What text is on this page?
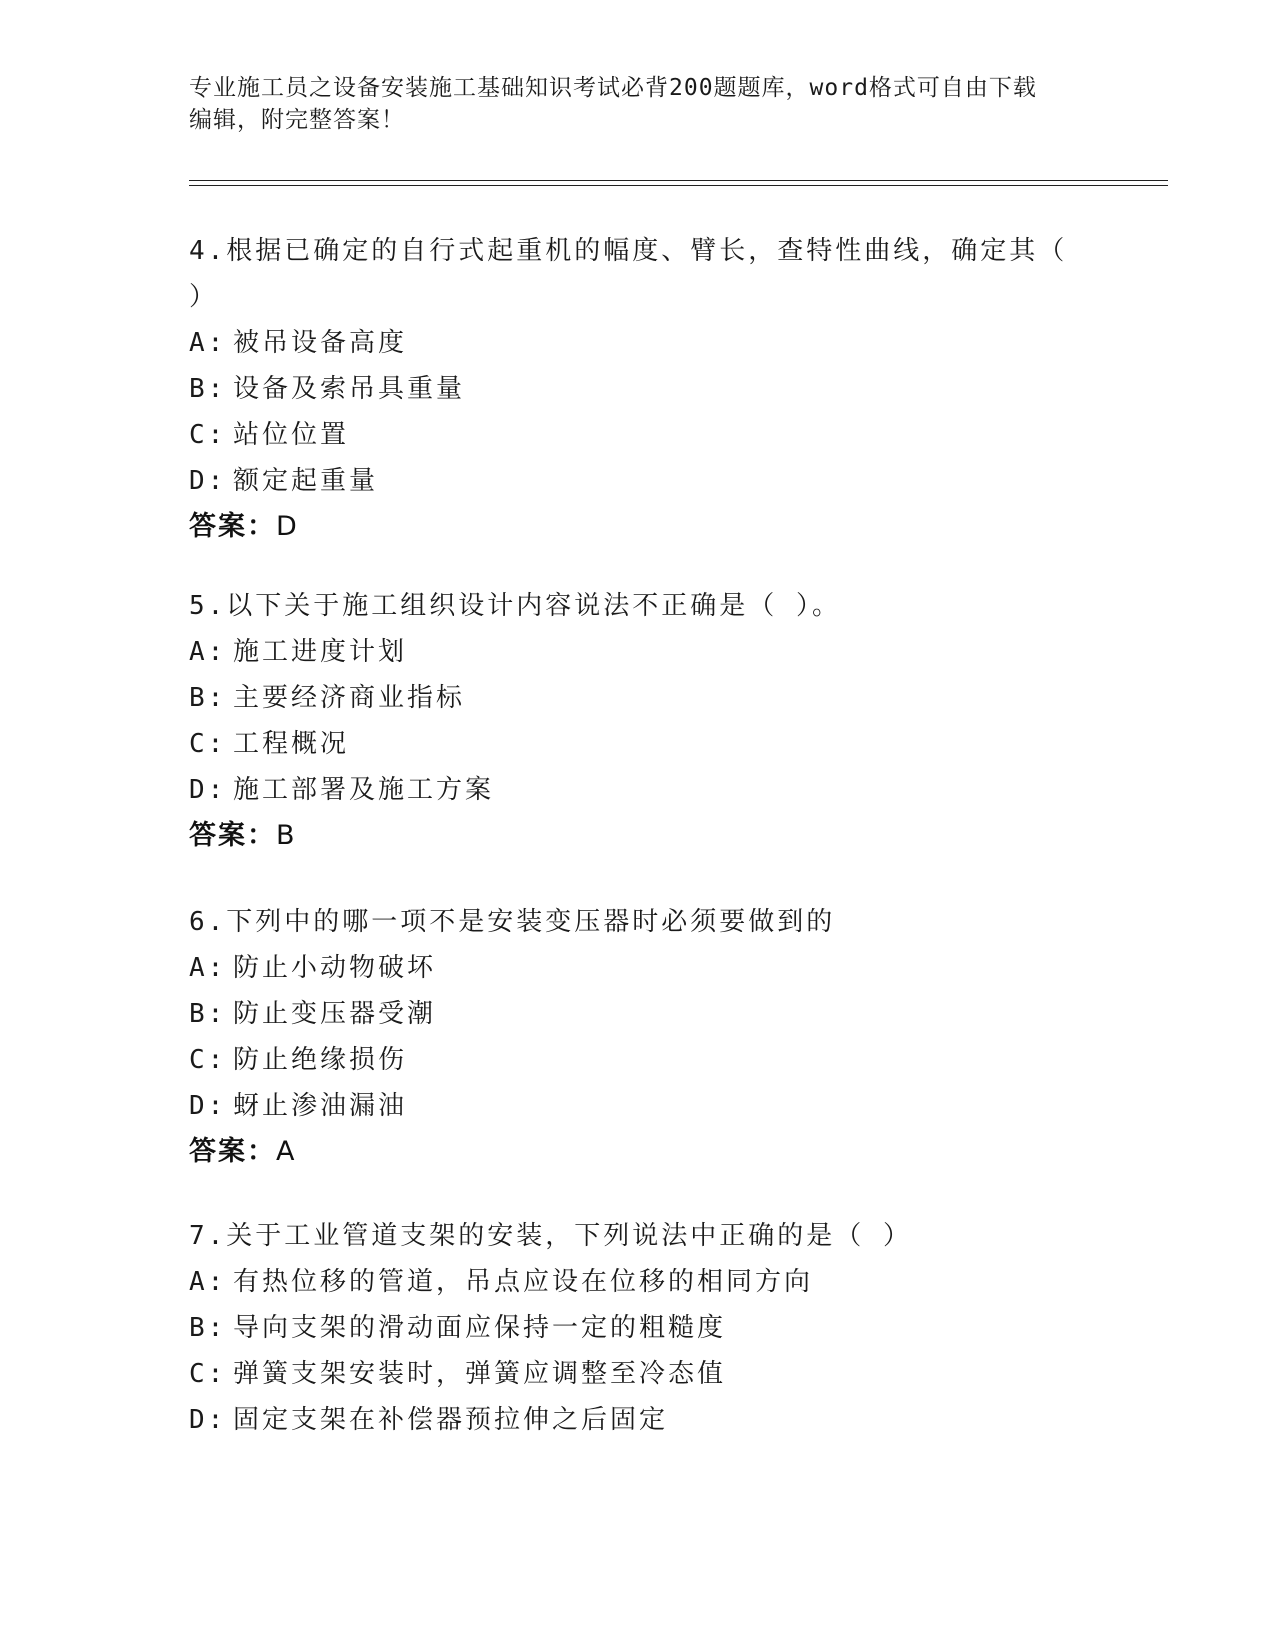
专业施工员之设备安装施工基础知识考试必背200题题库，word格式可自由下载
编辑，附完整答案！
4.根据已确定的自行式起重机的幅度、臂长，查特性曲线，确定其（
）
A: 被吊设备高度
B: 设备及索吊具重量
C: 站位位置
D: 额定起重量
答案：D
5.以下关于施工组织设计内容说法不正确是（ ）。
A: 施工进度计划
B: 主要经济商业指标
C: 工程概况
D: 施工部署及施工方案
答案：B
6.下列中的哪一项不是安装变压器时必须要做到的
A: 防止小动物破坏
B: 防止变压器受潮
C: 防止绝缘损伤
D: 蚜止渗油漏油
答案：A
7.关于工业管道支架的安装，下列说法中正确的是（ ）
A: 有热位移的管道，吊点应设在位移的相同方向
B: 导向支架的滑动面应保持一定的粗糙度
C: 弹簧支架安装时，弹簧应调整至冷态值
D: 固定支架在补偿器预拉伸之后固定
